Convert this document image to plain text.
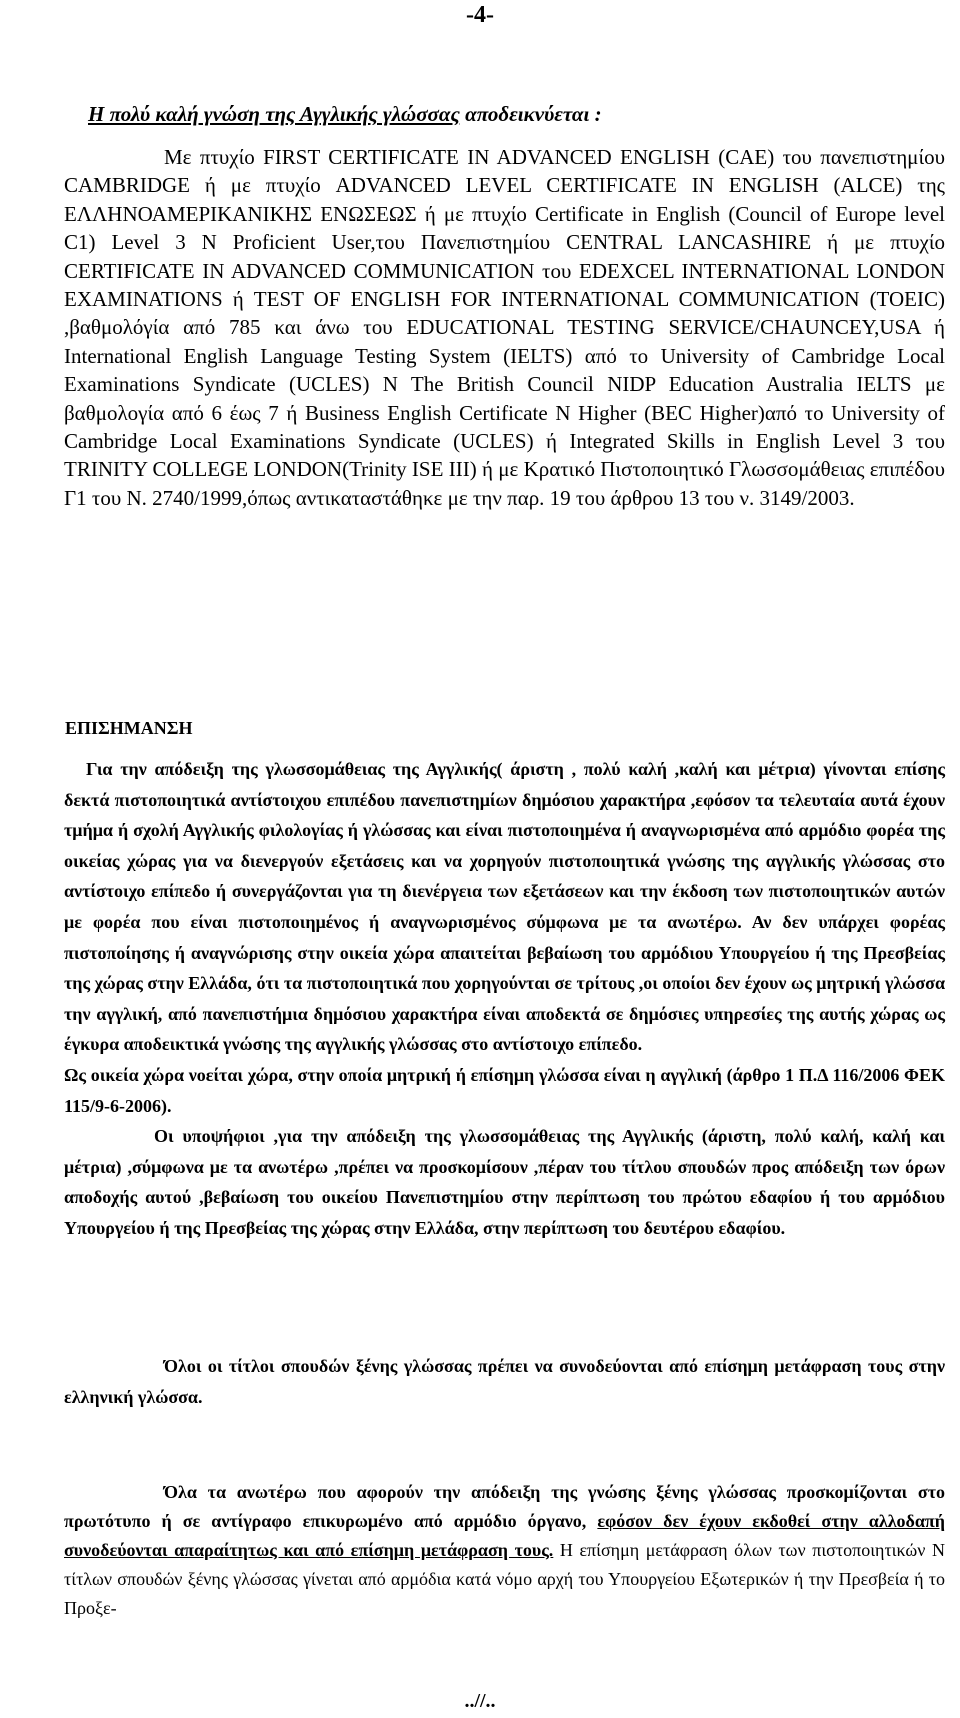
-4-
Η πολύ καλή γνώση της Αγγλικής γλώσσας αποδεικνύεται :
Με πτυχίο FIRST CERTIFICATE IN ADVANCED ENGLISH (CAE) του πανεπιστημίου CAMBRIDGE ή με πτυχίο ADVANCED LEVEL CERTIFICATE IN ENGLISH (ALCE) της ΕΛΛΗΝΟΑΜΕΡΙΚΑΝΙΚΗΣ ΕΝΩΣΕΩΣ ή με πτυχίο Certificate in English (Council of Europe level C1) Level 3 N Proficient User,του Πανεπιστημίου CENTRAL LANCASHIRE ή με πτυχίο CERTIFICATE IN ADVANCED COMMUNICATION του EDEXCEL INTERNATIONAL LONDON EXAMINATIONS ή TEST OF ENGLISH FOR INTERNATIONAL COMMUNICATION (TOEIC) ,βαθμολόγία από 785 και άνω του EDUCATIONAL TESTING SERVICE/CHAUNCEY,USA ή International English Language Testing System (IELTS) από το University of Cambridge Local Examinations Syndicate (UCLES) N The British Council NIDP Education Australia IELTS με βαθμολογία από 6 έως 7 ή Business English Certificate N Higher (BEC Higher)από το University of Cambridge Local Examinations Syndicate (UCLES) ή Integrated Skills in English Level 3 του TRINITY COLLEGE LONDON(Trinity ISE III) ή με Κρατικό Πιστοποιητικό Γλωσσομάθειας επιπέδου Γ1 του Ν. 2740/1999,όπως αντικαταστάθηκε με την παρ. 19 του άρθρου 13 του ν. 3149/2003.
ΕΠΙΣΗΜΑΝΣΗ
Για την απόδειξη της γλωσσομάθειας της Αγγλικής( άριστη , πολύ καλή ,καλή και μέτρια) γίνονται επίσης δεκτά πιστοποιητικά αντίστοιχου επιπέδου πανεπιστημίων δημόσιου χαρακτήρα ,εφόσον τα τελευταία αυτά έχουν τμήμα ή σχολή Αγγλικής φιλολογίας ή γλώσσας και είναι πιστοποιημένα ή αναγνωρισμένα από αρμόδιο φορέα της οικείας χώρας για να διενεργούν εξετάσεις και να χορηγούν πιστοποιητικά γνώσης της αγγλικής γλώσσας στο αντίστοιχο επίπεδο ή συνεργάζονται για τη διενέργεια των εξετάσεων και την έκδοση των πιστοποιητικών αυτών με φορέα που είναι πιστοποιημένος ή αναγνωρισμένος σύμφωνα με τα ανωτέρω. Αν δεν υπάρχει φορέας πιστοποίησης ή αναγνώρισης στην οικεία χώρα απαιτείται βεβαίωση του αρμόδιου Υπουργείου ή της Πρεσβείας της χώρας στην Ελλάδα, ότι τα πιστοποιητικά που χορηγούνται σε τρίτους ,οι οποίοι δεν έχουν ως μητρική γλώσσα την αγγλική, από πανεπιστήμια δημόσιου χαρακτήρα είναι αποδεκτά σε δημόσιες υπηρεσίες της αυτής χώρας ως έγκυρα αποδεικτικά γνώσης της αγγλικής γλώσσας στο αντίστοιχο επίπεδο.
Ως οικεία χώρα νοείται χώρα, στην οποία μητρική ή επίσημη γλώσσα είναι η αγγλική (άρθρο 1 Π.Δ 116/2006 ΦΕΚ 115/9-6-2006).
Οι υποψήφιοι ,για την απόδειξη της γλωσσομάθειας της Αγγλικής (άριστη, πολύ καλή, καλή και μέτρια) ,σύμφωνα με τα ανωτέρω ,πρέπει να προσκομίσουν ,πέραν του τίτλου σπουδών προς απόδειξη των όρων αποδοχής αυτού ,βεβαίωση του οικείου Πανεπιστημίου στην περίπτωση του πρώτου εδαφίου ή του αρμόδιου Υπουργείου ή της Πρεσβείας της χώρας στην Ελλάδα, στην περίπτωση του δευτέρου εδαφίου.
Όλοι οι τίτλοι σπουδών ξένης γλώσσας πρέπει να συνοδεύονται από επίσημη μετάφραση τους στην ελληνική γλώσσα.
Όλα τα ανωτέρω που αφορούν την απόδειξη της γνώσης ξένης γλώσσας προσκομίζονται στο πρωτότυπο ή σε αντίγραφο επικυρωμένο από αρμόδιο όργανο, εφόσον δεν έχουν εκδοθεί στην αλλοδαπή συνοδεύονται απαραίτητως και από επίσημη μετάφραση τους. Η επίσημη μετάφραση όλων των πιστοποιητικών N τίτλων σπουδών ξένης γλώσσας γίνεται από αρμόδια κατά νόμο αρχή του Υπουργείου Εξωτερικών ή την Πρεσβεία ή το Προξε-
..//..
